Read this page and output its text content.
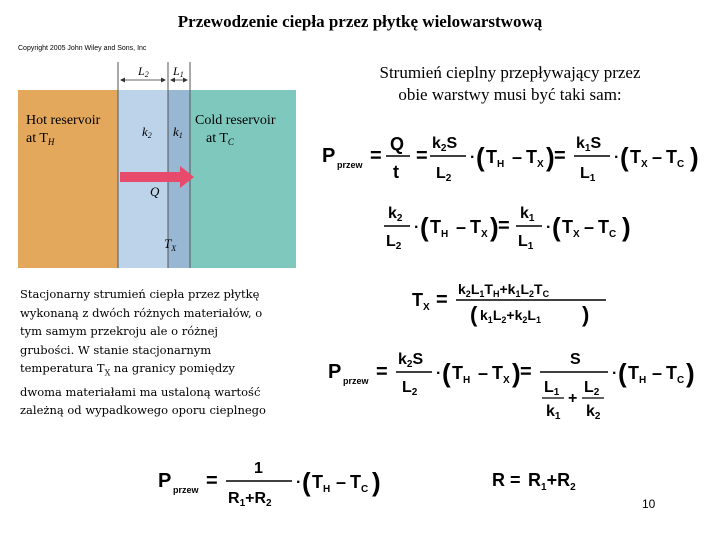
Przewodzenie ciepła przez płytkę wielowarstwową
Copyright 2005 John Wiley and Sons, Inc
Strumień cieplny przepływający przez
obie warstwy musi być taki sam:
L2 L1
Hot reservoir
at $T_H$
Cold reservoir
at $T_C$
k2 k1
Q
$T_X$
P przew =
Q
t
=
k2S
L2
· ( $T_H - T_X$ ) =
k1S
L1
· ( $T_X - T_C$ )
k2
L2
· ( $T_H - T_X$ ) =
k1
L1
· ( $T_X - T_C$ )
$T_X = k_2L_1T_H+k_1L_2T_C$
( $k_1L_2+k_2L_1$ )
P przew =
k2S
L2
· ( $T_H - T_X$ ) =
S
L1
k1
+
L2
k2
· ( $T_H - T_C$ )
P przew =
1
R1+R2
· ( $T_H - T_C$ )	$R = R_1+R_2$
Stacjonarny strumień ciepła przez płytkę
wykonaną z dwóch różnych materiałów, o
tym samym przekroju ale o różnej
grubości. W stanie stacjonarnym
temperatura $T_X$ na granicy pomiędzy
dwoma materiałami ma ustaloną wartość
zależną od wypadkowego oporu cieplnego
10
